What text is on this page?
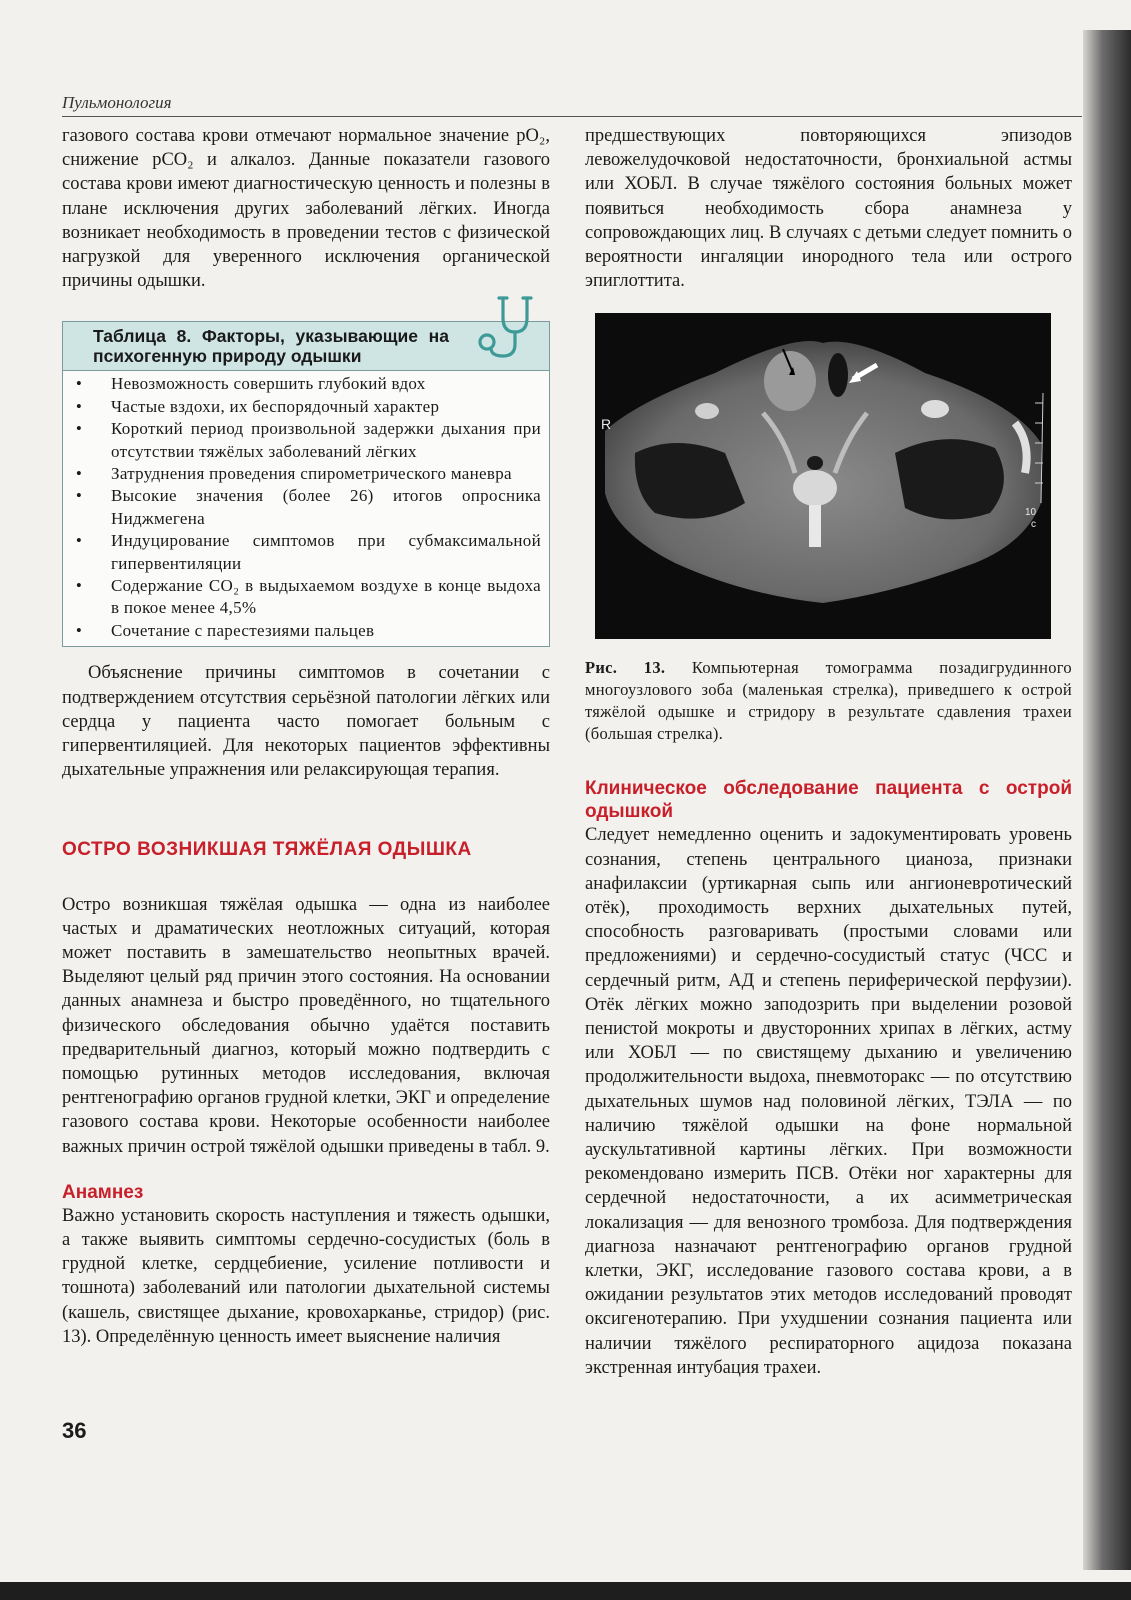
Пульмонология

газового состава крови отмечают нормальное значение pO₂, снижение pCO₂ и алкалоз. Данные показатели газового состава крови имеют диагностическую ценность и полезны в плане исключения других заболеваний лёгких. Иногда возникает необходимость в проведении тестов с физической нагрузкой для уверенного исключения органической причины одышки.

Таблица 8. Факторы, указывающие на психогенную природу одышки
• Невозможность совершить глубокий вдох
• Частые вздохи, их беспорядочный характер
• Короткий период произвольной задержки дыхания при отсутствии тяжёлых заболеваний лёгких
• Затруднения проведения спирометрического маневра
• Высокие значения (более 26) итогов опросника Ниджмегена
• Индуцирование симптомов при субмаксимальной гипервентиляции
• Содержание CO₂ в выдыхаемом воздухе в конце выдоха в покое менее 4,5%
• Сочетание с парестезиями пальцев

Объяснение причины симптомов в сочетании с подтверждением отсутствия серьёзной патологии лёгких или сердца у пациента часто помогает больным с гипервентиляцией. Для некоторых пациентов эффективны дыхательные упражнения или релаксирующая терапия.

ОСТРО ВОЗНИКШАЯ ТЯЖЁЛАЯ ОДЫШКА

Остро возникшая тяжёлая одышка — одна из наиболее частых и драматических неотложных ситуаций, которая может поставить в замешательство неопытных врачей. Выделяют целый ряд причин этого состояния. На основании данных анамнеза и быстро проведённого, но тщательного физического обследования обычно удаётся поставить предварительный диагноз, который можно подтвердить с помощью рутинных методов исследования, включая рентгенографию органов грудной клетки, ЭКГ и определение газового состава крови. Некоторые особенности наиболее важных причин острой тяжёлой одышки приведены в табл. 9.

Анамнез

Важно установить скорость наступления и тяжесть одышки, а также выявить симптомы сердечно-сосудистых (боль в грудной клетке, сердцебиение, усиление потливости и тошнота) заболеваний или патологии дыхательной системы (кашель, свистящее дыхание, кровохарканье, стридор) (рис. 13). Определённую ценность имеет выяснение наличия

предшествующих повторяющихся эпизодов левожелудочковой недостаточности, бронхиальной астмы или ХОБЛ. В случае тяжёлого состояния больных может появиться необходимость сбора анамнеза у сопровождающих лиц. В случаях с детьми следует помнить о вероятности ингаляции инородного тела или острого эпиглоттита.

R
10
c
Рис. 13. Компьютерная томограмма позадигрудинного многоузлового зоба (маленькая стрелка), приведшего к острой тяжёлой одышке и стридору в результате сдавления трахеи (большая стрелка).
Клиническое обследование пациента с острой одышкой

Следует немедленно оценить и задокументировать уровень сознания, степень центрального цианоза, признаки анафилаксии (уртикарная сыпь или ангионевротический отёк), проходимость верхних дыхательных путей, способность разговаривать (простыми словами или предложениями) и сердечно-сосудистый статус (ЧСС и сердечный ритм, АД и степень периферической перфузии). Отёк лёгких можно заподозрить при выделении розовой пенистой мокроты и двусторонних хрипах в лёгких, астму или ХОБЛ — по свистящему дыханию и увеличению продолжительности выдоха, пневмоторакс — по отсутствию дыхательных шумов над половиной лёгких, ТЭЛА — по наличию тяжёлой одышки на фоне нормальной аускультативной картины лёгких. При возможности рекомендовано измерить ПСВ. Отёки ног характерны для сердечной недостаточности, а их асимметрическая локализация — для венозного тромбоза. Для подтверждения диагноза назначают рентгенографию органов грудной клетки, ЭКГ, исследование газового состава крови, а в ожидании результатов этих методов исследований проводят оксигенотерапию. При ухудшении сознания пациента или наличии тяжёлого респираторного ацидоза показана экстренная интубация трахеи.

36
